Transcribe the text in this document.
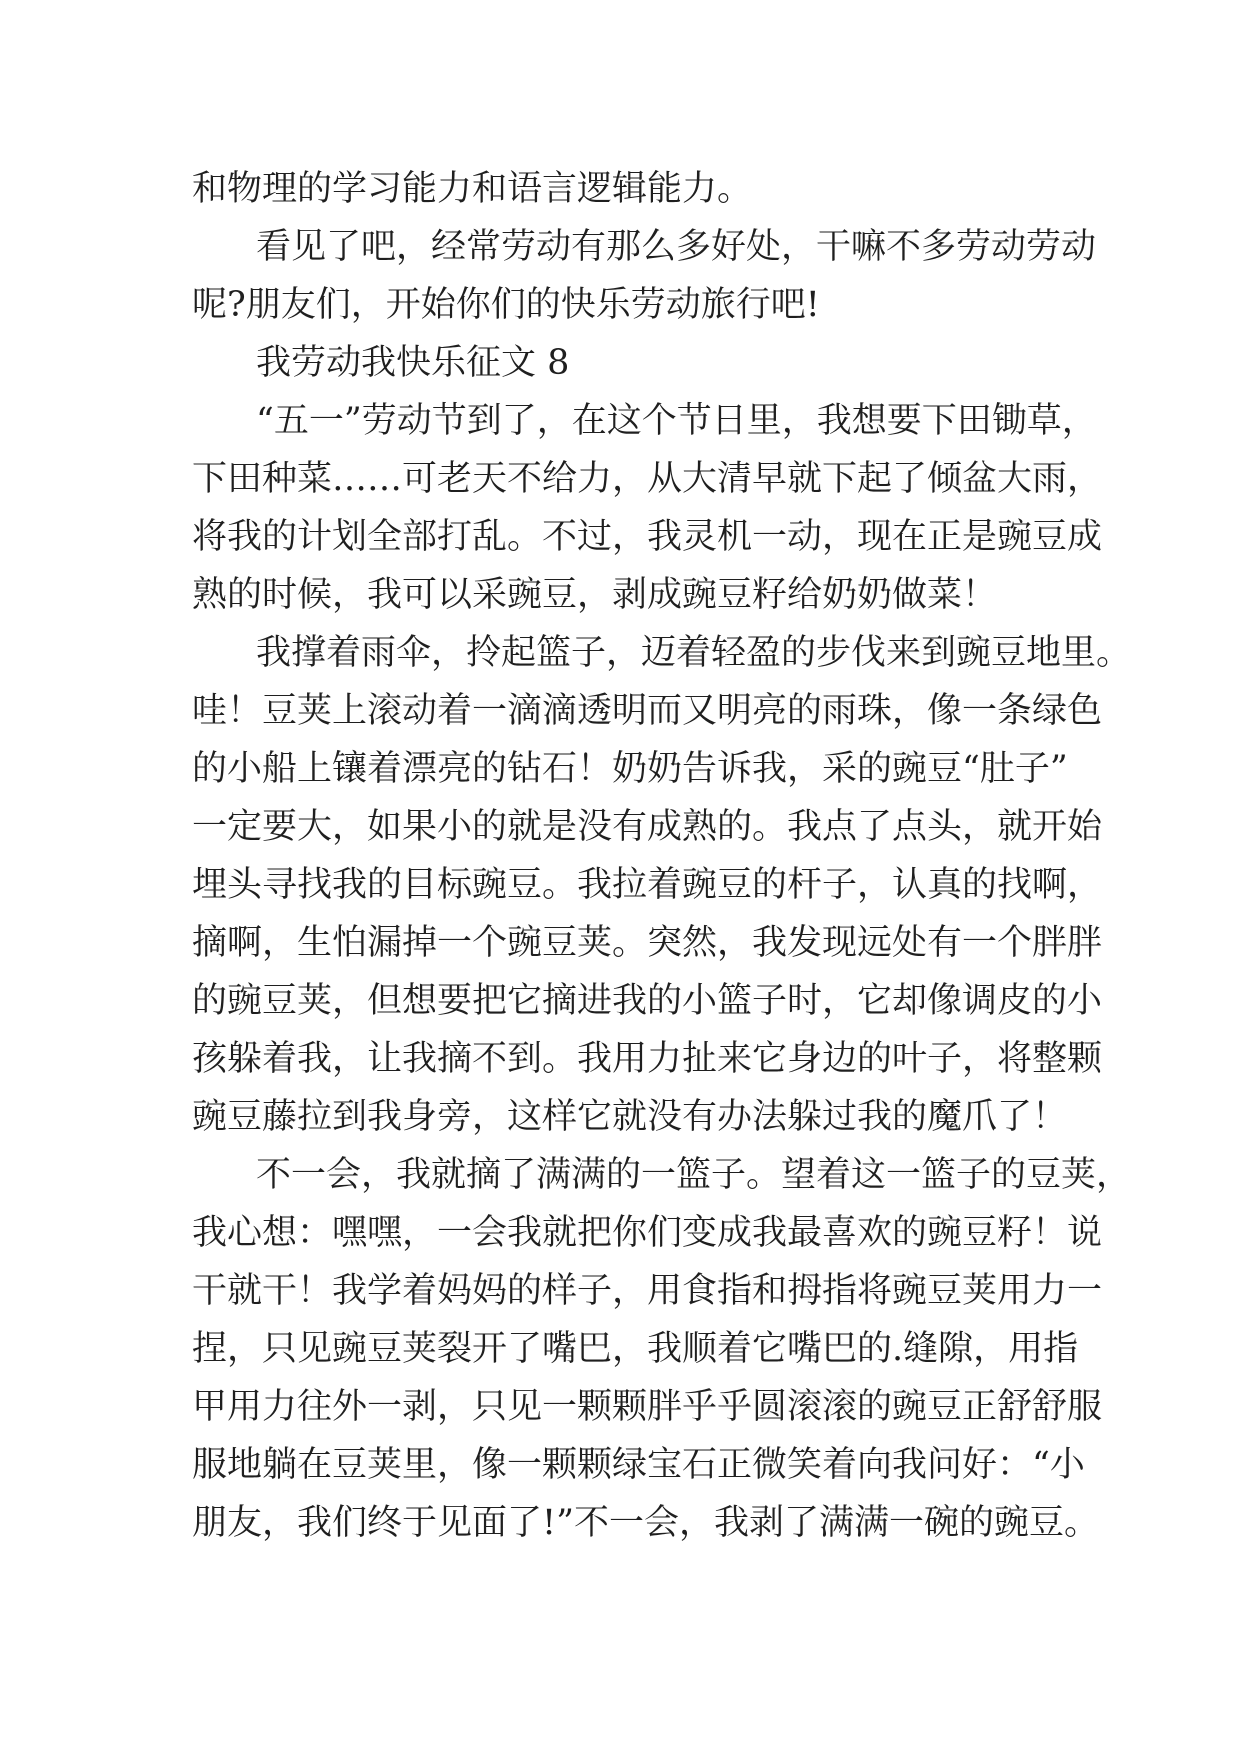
和物理的学习能力和语言逻辑能力。
看见了吧，经常劳动有那么多好处，干嘛不多劳动劳动
呢?朋友们，开始你们的快乐劳动旅行吧!
我劳动我快乐征文 8
“五一”劳动节到了，在这个节日里，我想要下田锄草，
下田种菜……可老天不给力，从大清早就下起了倾盆大雨，
将我的计划全部打乱。不过，我灵机一动，现在正是豌豆成
熟的时候，我可以采豌豆，剥成豌豆籽给奶奶做菜！
我撑着雨伞，拎起篮子，迈着轻盈的步伐来到豌豆地里。
哇！豆荚上滚动着一滴滴透明而又明亮的雨珠，像一条绿色
的小船上镶着漂亮的钻石！奶奶告诉我，采的豌豆“肚子”
一定要大，如果小的就是没有成熟的。我点了点头，就开始
埋头寻找我的目标豌豆。我拉着豌豆的杆子，认真的找啊，
摘啊，生怕漏掉一个豌豆荚。突然，我发现远处有一个胖胖
的豌豆荚，但想要把它摘进我的小篮子时，它却像调皮的小
孩躲着我，让我摘不到。我用力扯来它身边的叶子，将整颗
豌豆藤拉到我身旁，这样它就没有办法躲过我的魔爪了！
不一会，我就摘了满满的一篮子。望着这一篮子的豆荚，
我心想：嘿嘿，一会我就把你们变成我最喜欢的豌豆籽！说
干就干！我学着妈妈的样子，用食指和拇指将豌豆荚用力一
捏，只见豌豆荚裂开了嘴巴，我顺着它嘴巴的.缝隙，用指
甲用力往外一剥，只见一颗颗胖乎乎圆滚滚的豌豆正舒舒服
服地躺在豆荚里，像一颗颗绿宝石正微笑着向我问好：“小
朋友，我们终于见面了!”不一会，我剥了满满一碗的豌豆。
